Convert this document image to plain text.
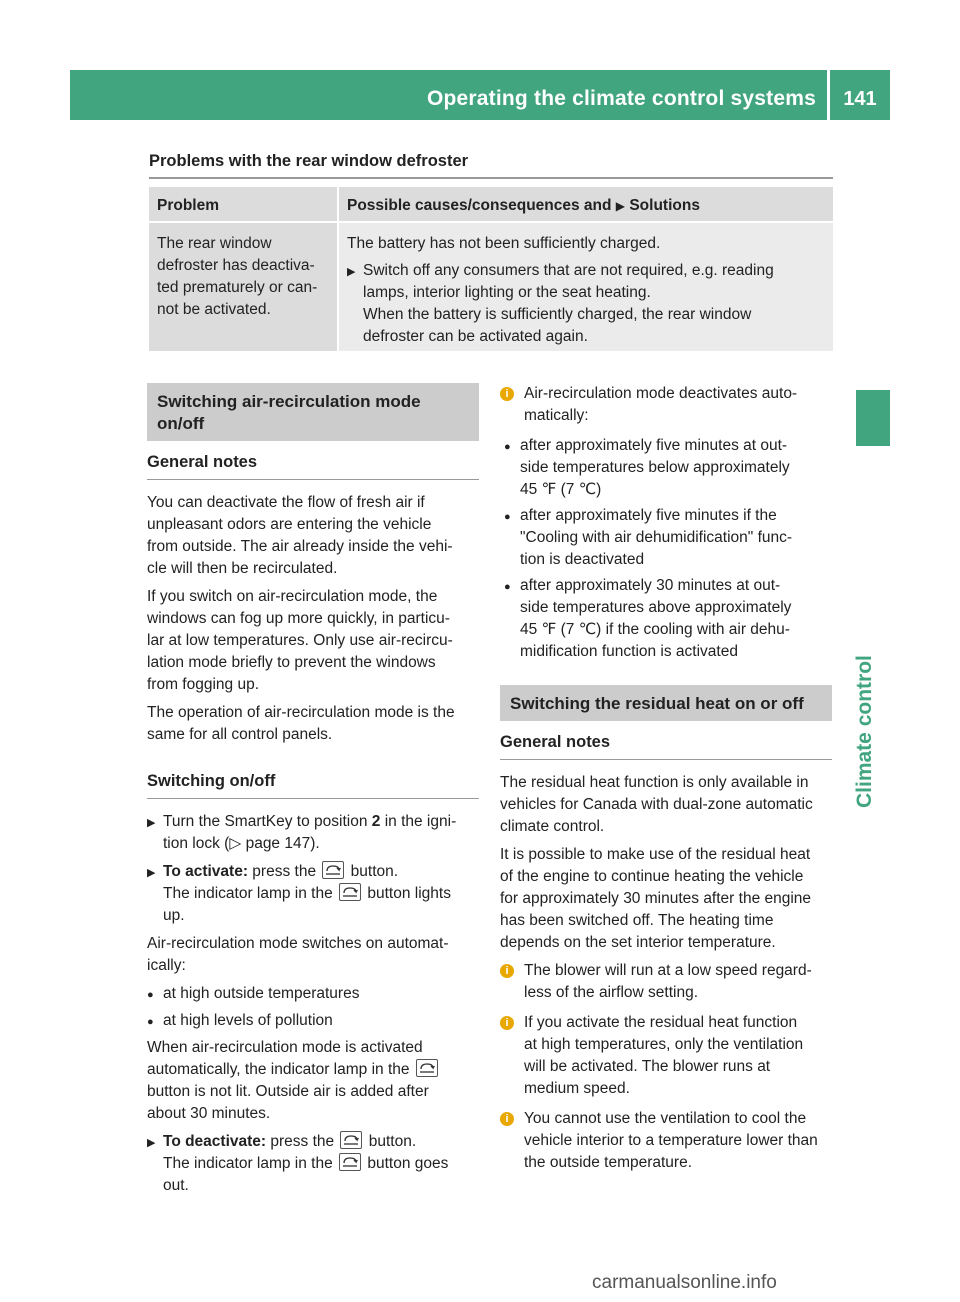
Operating the climate control systems	141
Climate control
Problems with the rear window defroster
Problem	Possible causes/consequences and ▶ Solutions
The rear window
defroster has deactiva-
ted prematurely or can-
not be activated.
The battery has not been sufficiently charged.
▶ Switch off any consumers that are not required, e.g. reading
lamps, interior lighting or the seat heating.
When the battery is sufficiently charged, the rear window
defroster can be activated again.
Switching air-recirculation mode
on/off
General notes

You can deactivate the flow of fresh air if
unpleasant odors are entering the vehicle
from outside. The air already inside the vehi-
cle will then be recirculated.

If you switch on air-recirculation mode, the
windows can fog up more quickly, in particu-
lar at low temperatures. Only use air-recircu-
lation mode briefly to prevent the windows
from fogging up.

The operation of air-recirculation mode is the
same for all control panels.

Switching on/off
▶ Turn the SmartKey to position 2 in the igni-
tion lock (▷ page 147).
▶ To activate: press the
button.
The indicator lamp in the
button lights
up.

Air-recirculation mode switches on automat-
ically:

● at high outside temperatures
● at high levels of pollution

When air-recirculation mode is activated
automatically, the indicator lamp in the

button is not lit. Outside air is added after
about 30 minutes.

▶ To deactivate: press the
button.
The indicator lamp in the
button goes
out.
i Air-recirculation mode deactivates auto-
matically:
● after approximately five minutes at out-
side temperatures below approximately
45 ℉ (7 ℃)
● after approximately five minutes if the
"Cooling with air dehumidification" func-
tion is deactivated
● after approximately 30 minutes at out-
side temperatures above approximately
45 ℉ (7 ℃) if the cooling with air dehu-
midification function is activated
Switching the residual heat on or off
General notes

The residual heat function is only available in
vehicles for Canada with dual-zone automatic
climate control.

It is possible to make use of the residual heat
of the engine to continue heating the vehicle
for approximately 30 minutes after the engine
has been switched off. The heating time
depends on the set interior temperature.

i The blower will run at a low speed regard-
less of the airflow setting.
i If you activate the residual heat function
at high temperatures, only the ventilation
will be activated. The blower runs at
medium speed.
i You cannot use the ventilation to cool the
vehicle interior to a temperature lower than
the outside temperature.
carmanualsonline.info
